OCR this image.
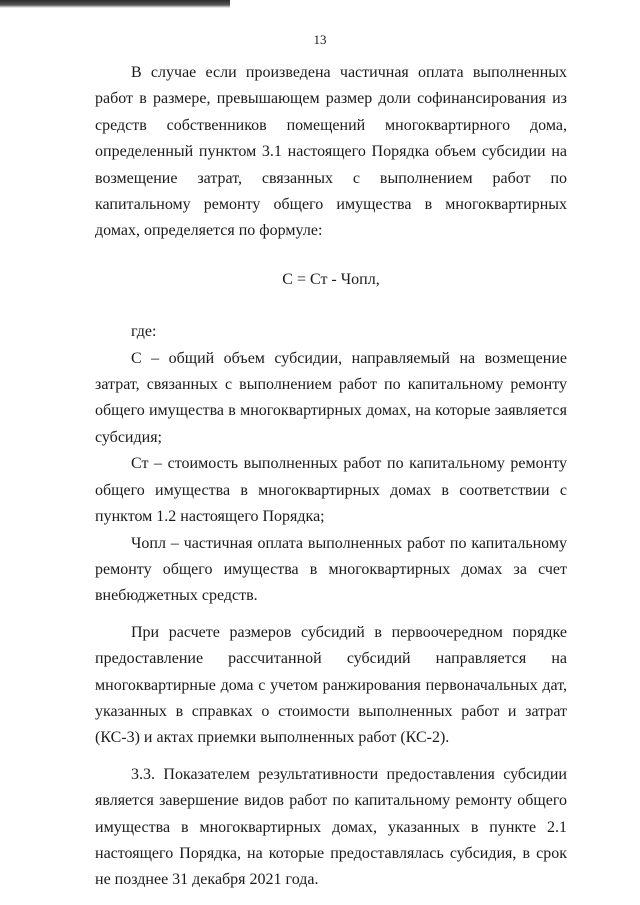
13

В случае если произведена частичная оплата выполненных работ в размере, превышающем размер доли софинансирования из средств собственников помещений многоквартирного дома, определенный пунктом 3.1 настоящего Порядка объем субсидии на возмещение затрат, связанных с выполнением работ по капитальному ремонту общего имущества в многоквартирных домах, определяется по формуле:

С = Ст - Чопл,

где:

С – общий объем субсидии, направляемый на возмещение затрат, связанных с выполнением работ по капитальному ремонту общего имущества в многоквартирных домах, на которые заявляется субсидия;

Ст – стоимость выполненных работ по капитальному ремонту общего имущества в многоквартирных домах в соответствии с пунктом 1.2 настоящего Порядка;

Чопл – частичная оплата выполненных работ по капитальному ремонту общего имущества в многоквартирных домах за счет внебюджетных средств.

При расчете размеров субсидий в первоочередном порядке предоставление рассчитанной субсидий направляется на многоквартирные дома с учетом ранжирования первоначальных дат, указанных в справках о стоимости выполненных работ и затрат (КС-3) и актах приемки выполненных работ (КС-2).

3.3. Показателем результативности предоставления субсидии является завершение видов работ по капитальному ремонту общего имущества в многоквартирных домах, указанных в пункте 2.1 настоящего Порядка, на которые предоставлялась субсидия, в срок не позднее 31 декабря 2021 года.
